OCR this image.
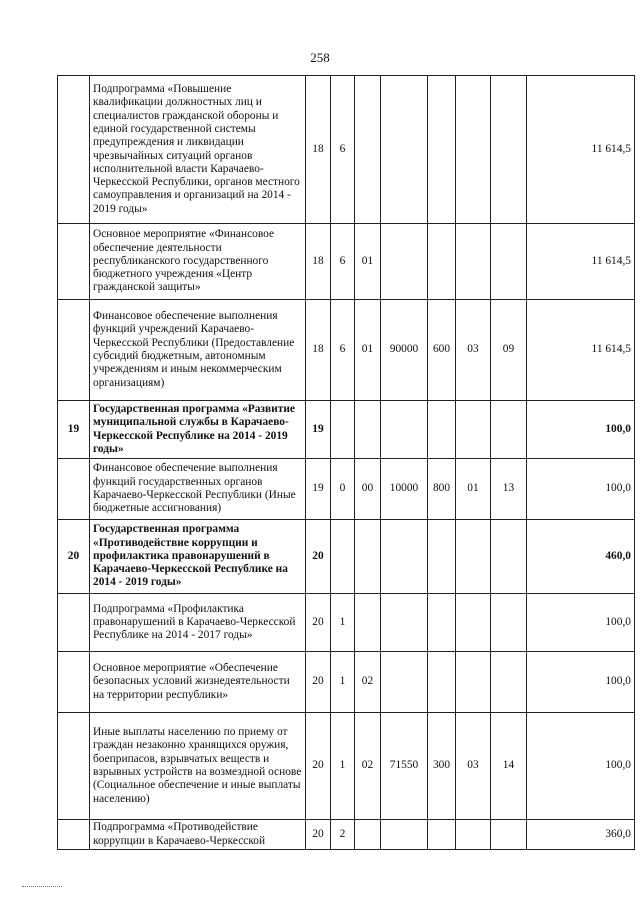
258
	Подпрограмма «Повышение квалификации должностных лиц и специалистов гражданской обороны и единой государственной системы предупреждения и ликвидации чрезвычайных ситуаций органов исполнительной власти Карачаево-Черкесской Республики, органов местного самоуправления и организаций на 2014 - 2019 годы»	18	6						11 614,5
	Основное мероприятие «Финансовое обеспечение деятельности республиканского государственного бюджетного учреждения «Центр гражданской защиты»	18	6	01					11 614,5
	Финансовое обеспечение выполнения функций учреждений Карачаево-Черкесской Республики (Предоставление субсидий бюджетным, автономным учреждениям и иным некоммерческим организациям)	18	6	01	90000	600	03	09	11 614,5
19	Государственная программа «Развитие муниципальной службы в Карачаево-Черкесской Республике на 2014 - 2019 годы»	19							100,0
	Финансовое обеспечение выполнения функций государственных органов Карачаево-Черкесской Республики (Иные бюджетные ассигнования)	19	0	00	10000	800	01	13	100,0
20	Государственная программа «Противодействие коррупции и профилактика правонарушений в Карачаево-Черкесской Республике на 2014 - 2019 годы»	20							460,0
	Подпрограмма «Профилактика правонарушений в Карачаево-Черкесской Республике на 2014 - 2017 годы»	20	1						100,0
	Основное мероприятие «Обеспечение безопасных условий жизнедеятельности на территории республики»	20	1	02					100,0
	Иные выплаты населению по приему от граждан незаконно хранящихся оружия, боеприпасов, взрывчатых веществ и взрывных устройств на возмездной основе (Социальное обеспечение и иные выплаты населению)	20	1	02	71550	300	03	14	100,0
	Подпрограмма «Противодействие коррупции в Карачаево-Черкесской	20	2						360,0
